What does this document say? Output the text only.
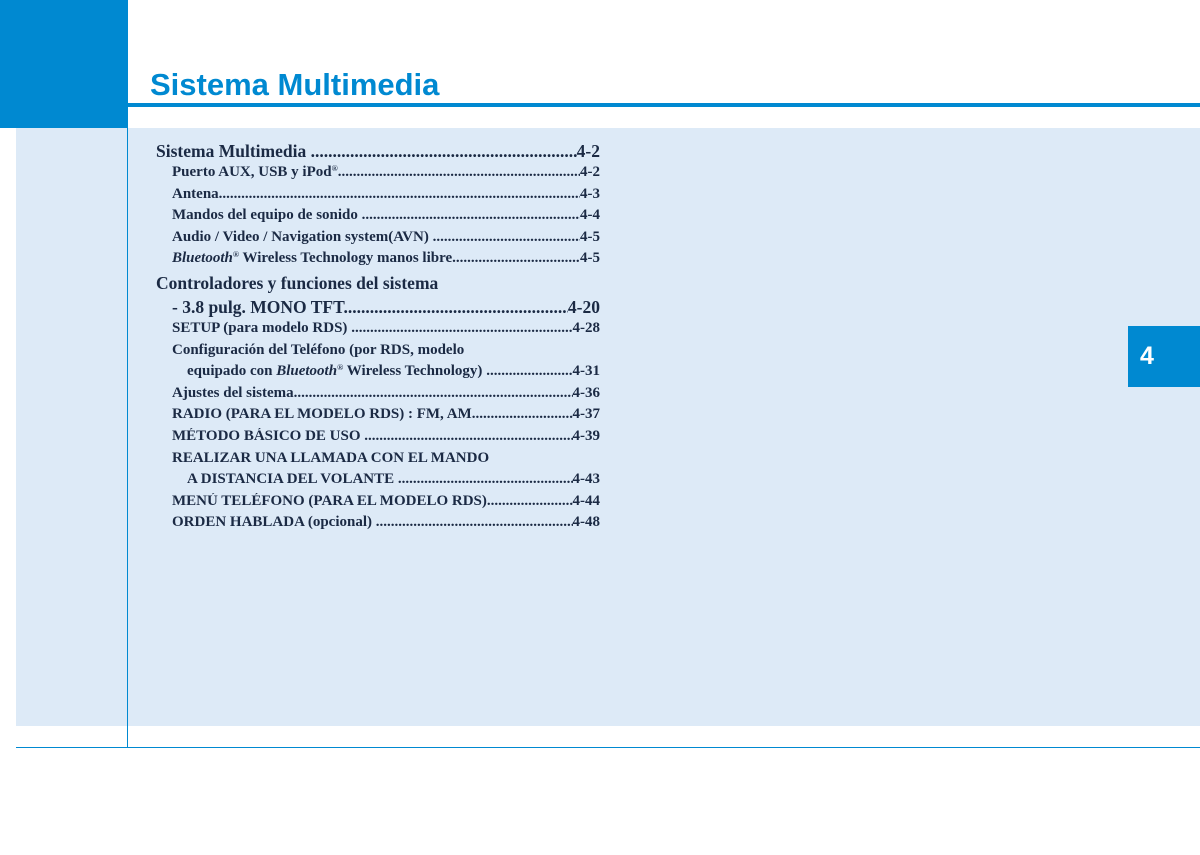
Sistema Multimedia
4
Sistema Multimedia .....	4-2
Puerto AUX, USB y iPod® .....	4-2
Antena .....	4-3
Mandos del equipo de sonido .....	4-4
Audio / Video / Navigation system(AVN) .....	4-5
Bluetooth® Wireless Technology manos libre .....	4-5
Controladores y funciones del sistema
- 3.8 pulg. MONO TFT .....	4-20
SETUP (para modelo RDS) .....	4-28
Configuración del Teléfono (por RDS, modelo
equipado con Bluetooth® Wireless Technology) .....	4-31
Ajustes del sistema .....	4-36
RADIO (PARA EL MODELO RDS) : FM, AM .....	4-37
MÉTODO BÁSICO DE USO .....	4-39
REALIZAR UNA LLAMADA CON EL MANDO
A DISTANCIA DEL VOLANTE .....	4-43
MENÚ TELÉFONO (PARA EL MODELO RDS) .....	4-44
ORDEN HABLADA (opcional) .....	4-48
